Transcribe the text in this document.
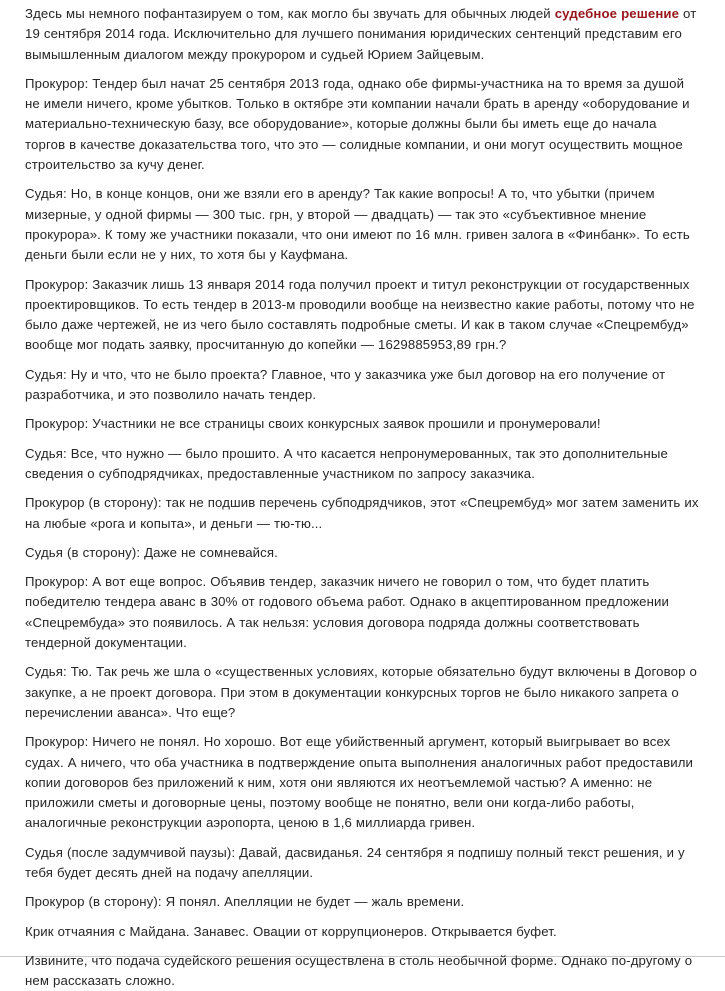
Здесь мы немного пофантазируем о том, как могло бы звучать для обычных людей судебное решение от 19 сентября 2014 года. Исключительно для лучшего понимания юридических сентенций представим его вымышленным диалогом между прокурором и судьей Юрием Зайцевым.

Прокурор: Тендер был начат 25 сентября 2013 года, однако обе фирмы-участника на то время за душой не имели ничего, кроме убытков. Только в октябре эти компании начали брать в аренду «оборудование и материально-техническую базу, все оборудование», которые должны были бы иметь еще до начала торгов в качестве доказательства того, что это — солидные компании, и они могут осуществить мощное строительство за кучу денег.

Судья: Но, в конце концов, они же взяли его в аренду? Так какие вопросы! А то, что убытки (причем мизерные, у одной фирмы — 300 тыс. грн, у второй — двадцать) — так это «субъективное мнение прокурора». К тому же участники показали, что они имеют по 16 млн. гривен залога в «Финбанк». То есть деньги были если не у них, то хотя бы у Кауфмана.

Прокурор: Заказчик лишь 13 января 2014 года получил проект и титул реконструкции от государственных проектировщиков. То есть тендер в 2013-м проводили вообще на неизвестно какие работы, потому что не было даже чертежей, не из чего было составлять подробные сметы. И как в таком случае «Спецрембуд» вообще мог подать заявку, просчитанную до копейки — 1629885953,89 грн.?

Судья: Ну и что, что не было проекта? Главное, что у заказчика уже был договор на его получение от разработчика, и это позволило начать тендер.

Прокурор: Участники не все страницы своих конкурсных заявок прошили и пронумеровали!

Судья: Все, что нужно — было прошито. А что касается непронумерованных, так это дополнительные сведения о субподрядчиках, предоставленные участником по запросу заказчика.

Прокурор (в сторону): так не подшив перечень субподрядчиков, этот «Спецрембуд» мог затем заменить их на любые «рога и копыта», и деньги — тю-тю...

Судья (в сторону): Даже не сомневайся.

Прокурор: А вот еще вопрос. Объявив тендер, заказчик ничего не говорил о том, что будет платить победителю тендера аванс в 30% от годового объема работ. Однако в акцептированном предложении «Спецрембуда» это появилось. А так нельзя: условия договора подряда должны соответствовать тендерной документации.

Судья: Тю. Так речь же шла о «существенных условиях, которые обязательно будут включены в Договор о закупке, а не проект договора. При этом в документации конкурсных торгов не было никакого запрета о перечислении аванса». Что еще?

Прокурор: Ничего не понял. Но хорошо. Вот еще убийственный аргумент, который выигрывает во всех судах. А ничего, что оба участника в подтверждение опыта выполнения аналогичных работ предоставили копии договоров без приложений к ним, хотя они являются их неотъемлемой частью? А именно: не приложили сметы и договорные цены, поэтому вообще не понятно, вели они когда-либо работы, аналогичные реконструкции аэропорта, ценою в 1,6 миллиарда гривен.

Судья (после задумчивой паузы): Давай, дасвиданья. 24 сентября я подпишу полный текст решения, и у тебя будет десять дней на подачу апелляции.

Прокурор (в сторону): Я понял. Апелляции не будет — жаль времени.

Крик отчаяния с Майдана. Занавес. Овации от коррупционеров. Открывается буфет.

Извините, что подача судейского решения осуществлена в столь необычной форме. Однако по-другому о нем рассказать сложно.
